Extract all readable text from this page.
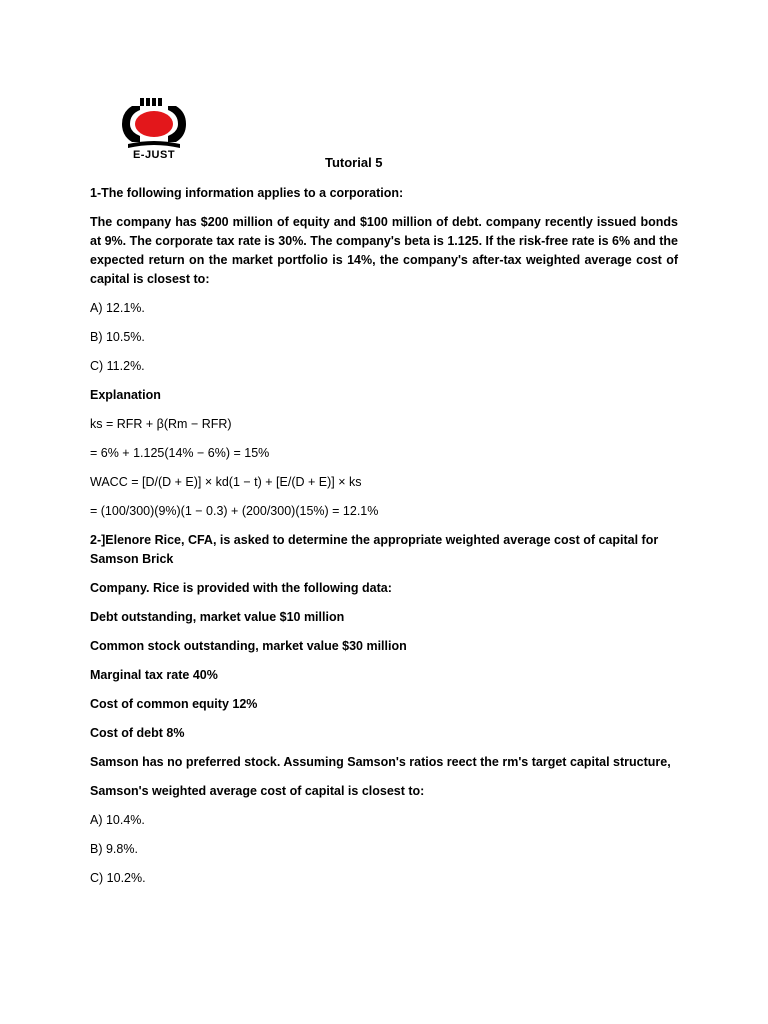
E-JUST	Tutorial 5

1-The following information applies to a corporation:

The company has $200 million of equity and $100 million of debt. company recently issued bonds at 9%. The corporate tax rate is 30%. The company's beta is 1.125. If the risk-free rate is 6% and the expected return on the market portfolio is 14%, the company's after-tax weighted average cost of capital is closest to:

A) 12.1%.

B) 10.5%.

C) 11.2%.

Explanation

ks = RFR + β(Rm − RFR)

= 6% + 1.125(14% − 6%) = 15%

WACC = [D/(D + E)] × kd(1 − t) + [E/(D + E)] × ks

= (100/300)(9%)(1 − 0.3) + (200/300)(15%) = 12.1%

2-]Elenore Rice, CFA, is asked to determine the appropriate weighted average cost of capital for Samson Brick

Company. Rice is provided with the following data:

Debt outstanding, market value $10 million

Common stock outstanding, market value $30 million

Marginal tax rate 40%

Cost of common equity 12%

Cost of debt 8%

Samson has no preferred stock. Assuming Samson's ratios reect the rm's target capital structure,

Samson's weighted average cost of capital is closest to:

A) 10.4%.

B) 9.8%.

C) 10.2%.
